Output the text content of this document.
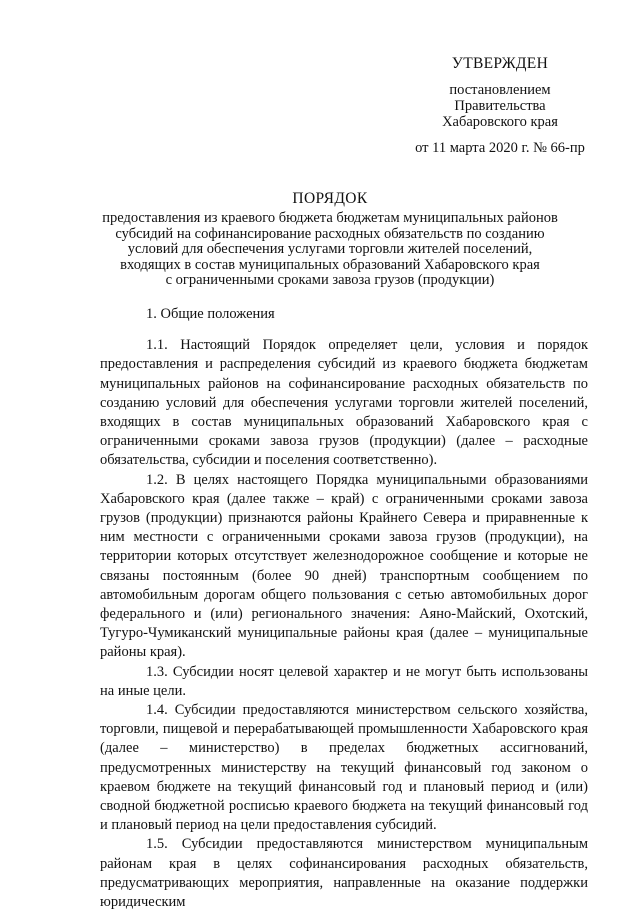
УТВЕРЖДЕН
постановлением
Правительства
Хабаровского края
от 11 марта 2020 г. № 66-пр
ПОРЯДОК
предоставления из краевого бюджета бюджетам муниципальных районов
субсидий на софинансирование расходных обязательств по созданию
условий для обеспечения услугами торговли жителей поселений,
входящих в состав муниципальных образований Хабаровского края
с ограниченными сроками завоза грузов (продукции)
1. Общие положения

1.1. Настоящий Порядок определяет цели, условия и порядок предоставления и распределения субсидий из краевого бюджета бюджетам муниципальных районов на софинансирование расходных обязательств по созданию условий для обеспечения услугами торговли жителей поселений, входящих в состав муниципальных образований Хабаровского края с ограниченными сроками завоза грузов (продукции) (далее – расходные обязательства, субсидии и поселения соответственно).

1.2. В целях настоящего Порядка муниципальными образованиями Хабаровского края (далее также – край) с ограниченными сроками завоза грузов (продукции) признаются районы Крайнего Севера и приравненные к ним местности с ограниченными сроками завоза грузов (продукции), на территории которых отсутствует железнодорожное сообщение и которые не связаны постоянным (более 90 дней) транспортным сообщением по автомобильным дорогам общего пользования с сетью автомобильных дорог федерального и (или) регионального значения: Аяно-Майский, Охотский, Тугуро-Чумиканский муниципальные районы края (далее – муниципальные районы края).

1.3. Субсидии носят целевой характер и не могут быть использованы на иные цели.

1.4. Субсидии предоставляются министерством сельского хозяйства, торговли, пищевой и перерабатывающей промышленности Хабаровского края (далее – министерство) в пределах бюджетных ассигнований, предусмотренных министерству на текущий финансовый год законом о краевом бюджете на текущий финансовый год и плановый период и (или) сводной бюджетной росписью краевого бюджета на текущий финансовый год и плановый период на цели предоставления субсидий.

1.5. Субсидии предоставляются министерством муниципальным районам края в целях софинансирования расходных обязательств, предусматривающих мероприятия, направленные на оказание поддержки юридическим
